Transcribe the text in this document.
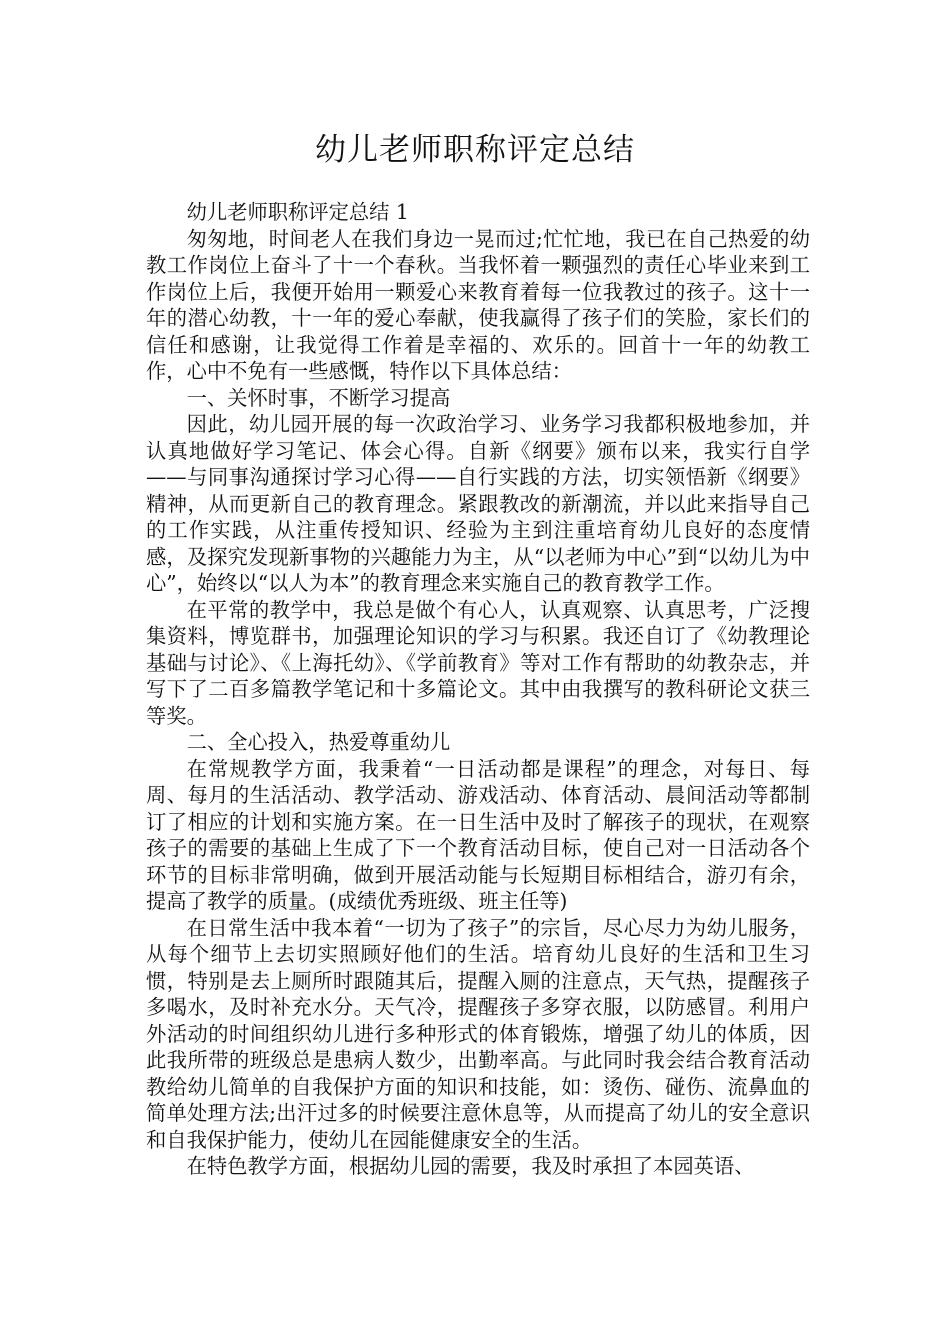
幼儿老师职称评定总结

幼儿老师职称评定总结 1

匆匆地，时间老人在我们身边一晃而过;忙忙地，我已在自己热爱的幼教工作岗位上奋斗了十一个春秋。当我怀着一颗强烈的责任心毕业来到工作岗位上后，我便开始用一颗爱心来教育着每一位我教过的孩子。这十一年的潜心幼教，十一年的爱心奉献，使我赢得了孩子们的笑脸，家长们的信任和感谢，让我觉得工作着是幸福的、欢乐的。回首十一年的幼教工作，心中不免有一些感慨，特作以下具体总结：

一、关怀时事，不断学习提高

因此，幼儿园开展的每一次政治学习、业务学习我都积极地参加，并认真地做好学习笔记、体会心得。自新《纲要》颁布以来，我实行自学——与同事沟通探讨学习心得——自行实践的方法，切实领悟新《纲要》精神，从而更新自己的教育理念。紧跟教改的新潮流，并以此来指导自己的工作实践，从注重传授知识、经验为主到注重培育幼儿良好的态度情感，及探究发现新事物的兴趣能力为主，从“以老师为中心”到“以幼儿为中心”，始终以“以人为本”的教育理念来实施自己的教育教学工作。

在平常的教学中，我总是做个有心人，认真观察、认真思考，广泛搜集资料，博览群书，加强理论知识的学习与积累。我还自订了《幼教理论基础与讨论》、《上海托幼》、《学前教育》等对工作有帮助的幼教杂志，并写下了二百多篇教学笔记和十多篇论文。其中由我撰写的教科研论文获三等奖。

二、全心投入，热爱尊重幼儿

在常规教学方面，我秉着“一日活动都是课程”的理念，对每日、每周、每月的生活活动、教学活动、游戏活动、体育活动、晨间活动等都制订了相应的计划和实施方案。在一日生活中及时了解孩子的现状，在观察孩子的需要的基础上生成了下一个教育活动目标，使自己对一日活动各个环节的目标非常明确，做到开展活动能与长短期目标相结合，游刃有余，提高了教学的质量。(成绩优秀班级、班主任等)

在日常生活中我本着“一切为了孩子”的宗旨，尽心尽力为幼儿服务，从每个细节上去切实照顾好他们的生活。培育幼儿良好的生活和卫生习惯，特别是去上厕所时跟随其后，提醒入厕的注意点，天气热，提醒孩子多喝水，及时补充水分。天气冷，提醒孩子多穿衣服，以防感冒。利用户外活动的时间组织幼儿进行多种形式的体育锻炼，增强了幼儿的体质，因此我所带的班级总是患病人数少，出勤率高。与此同时我会结合教育活动教给幼儿简单的自我保护方面的知识和技能，如：烫伤、碰伤、流鼻血的简单处理方法;出汗过多的时候要注意休息等，从而提高了幼儿的安全意识和自我保护能力，使幼儿在园能健康安全的生活。

在特色教学方面，根据幼儿园的需要，我及时承担了本园英语、
